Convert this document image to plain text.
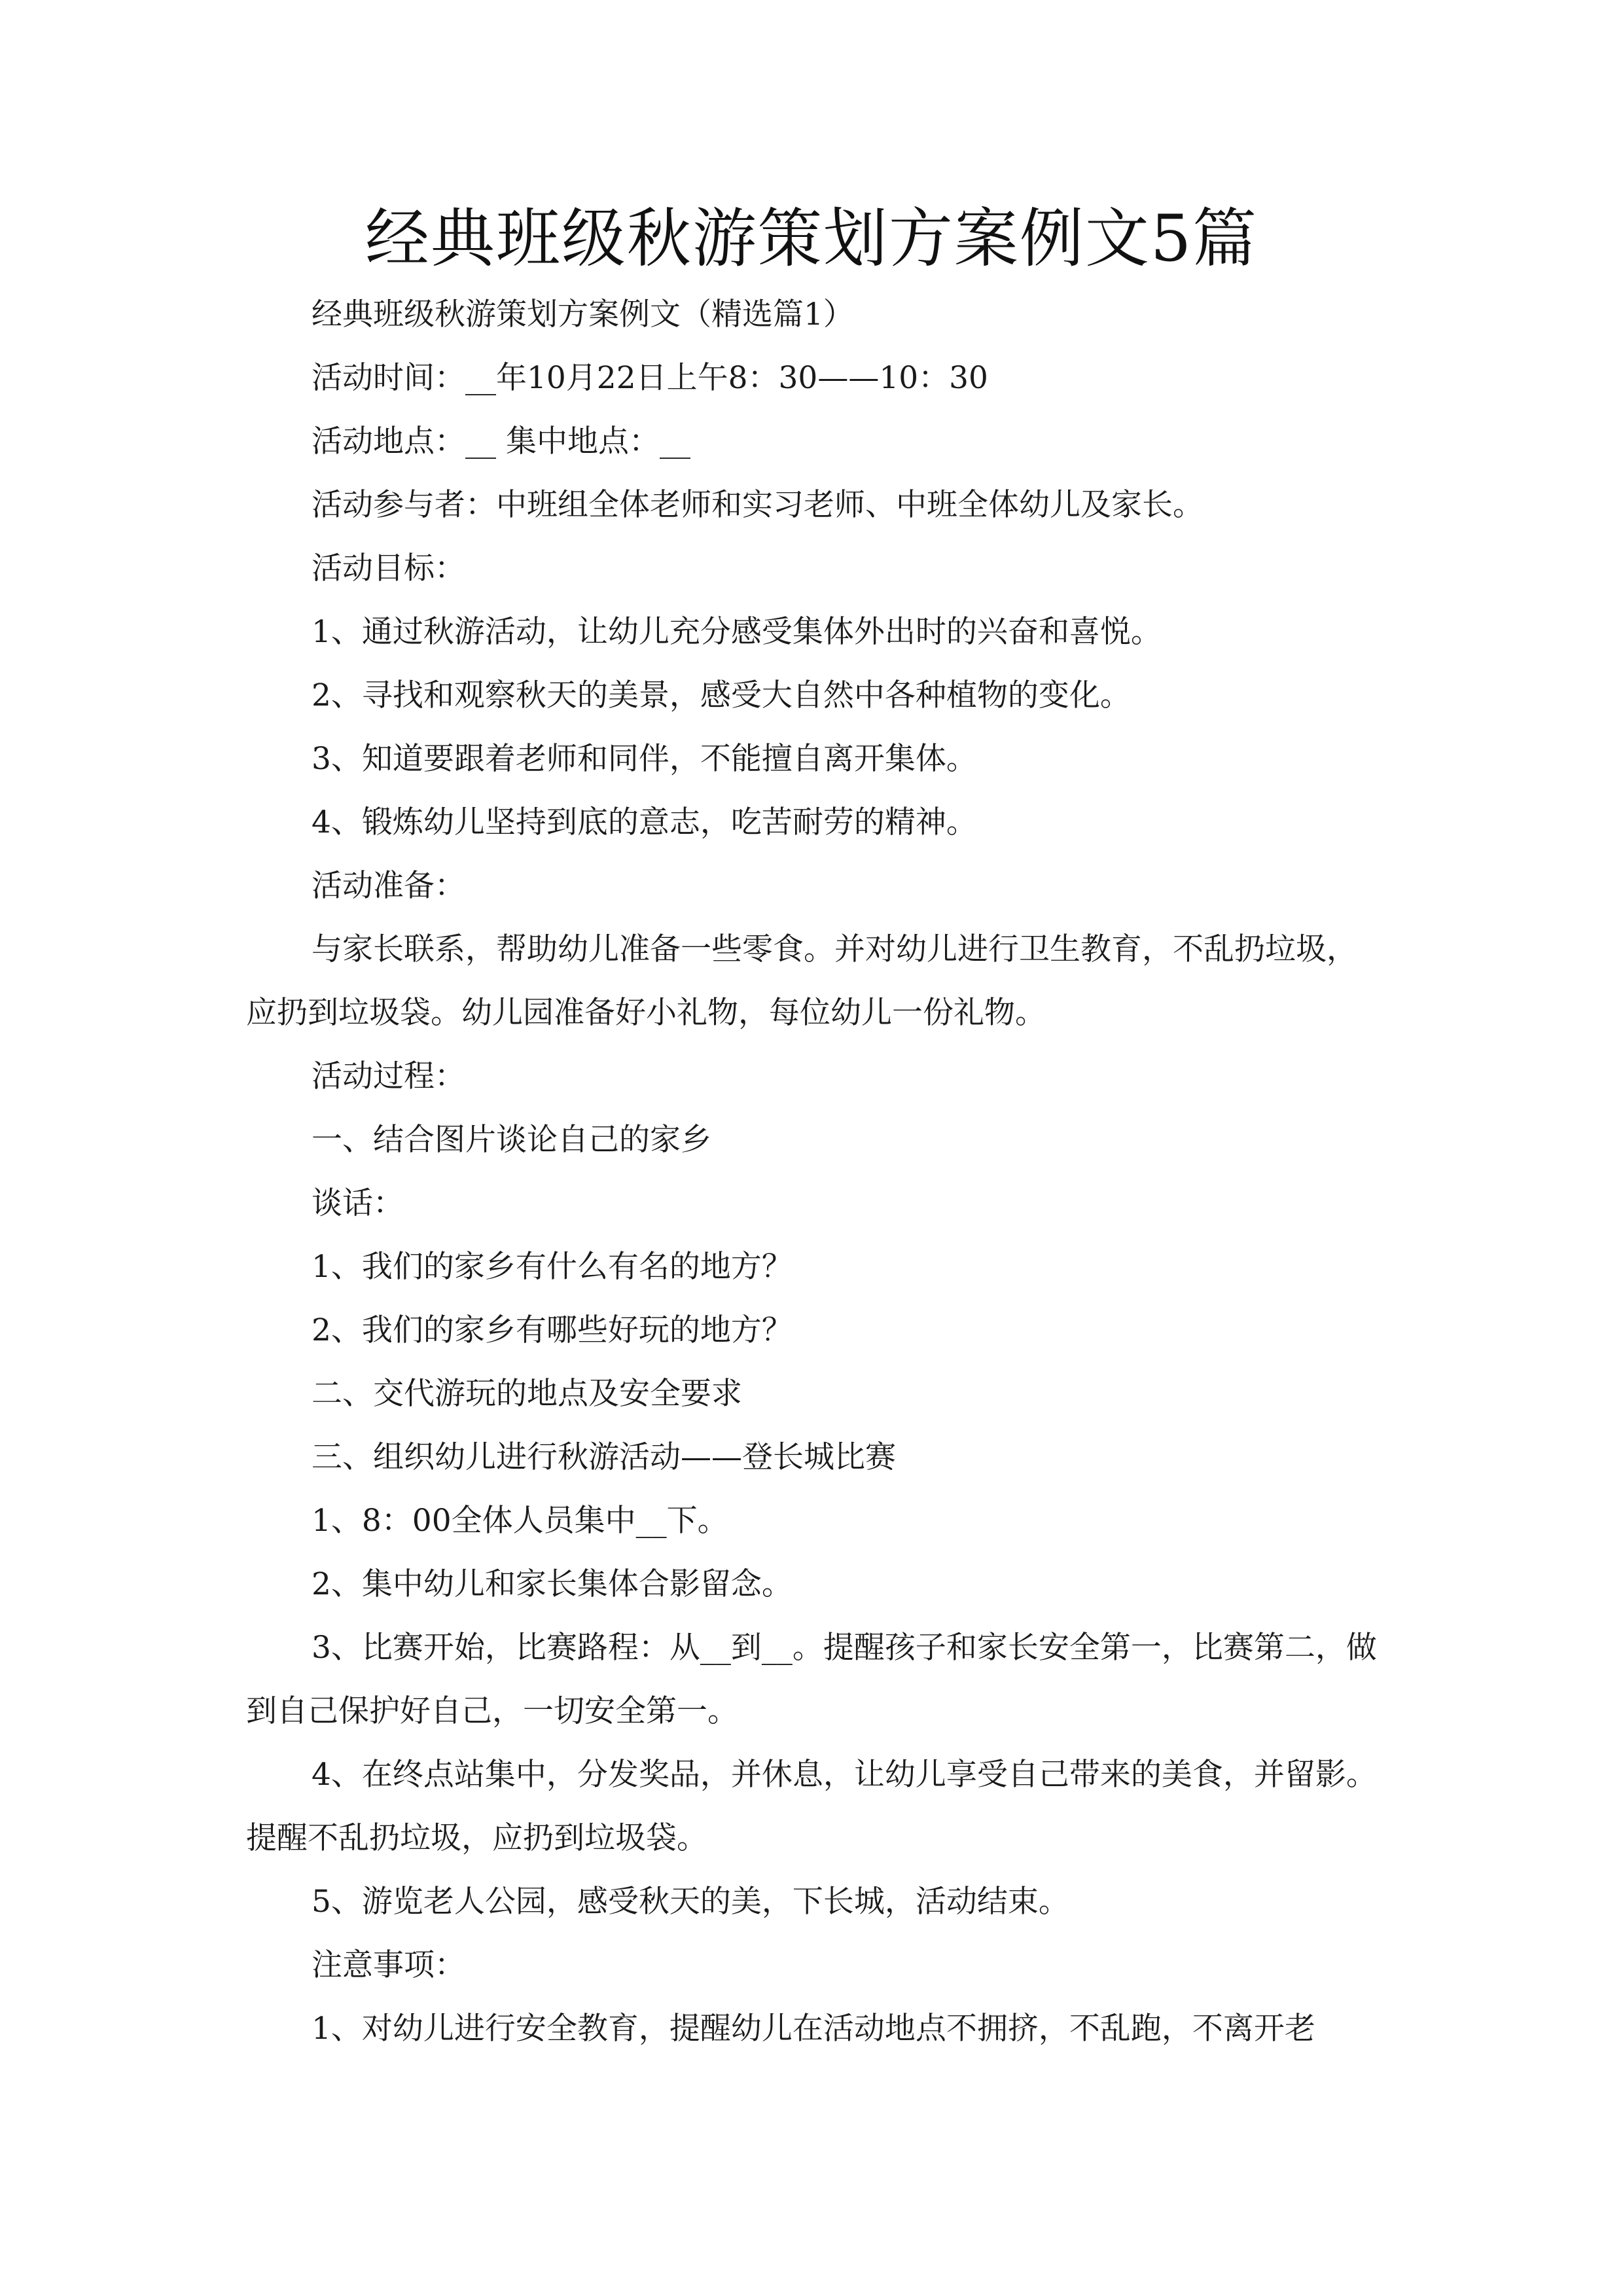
经典班级秋游策划方案例文5篇

经典班级秋游策划方案例文（精选篇1）

活动时间：__年10月22日上午8：30——10：30

活动地点：__ 集中地点：__

活动参与者：中班组全体老师和实习老师、中班全体幼儿及家长。

活动目标：

1、通过秋游活动，让幼儿充分感受集体外出时的兴奋和喜悦。

2、寻找和观察秋天的美景，感受大自然中各种植物的变化。

3、知道要跟着老师和同伴，不能擅自离开集体。

4、锻炼幼儿坚持到底的意志，吃苦耐劳的精神。

活动准备：

与家长联系，帮助幼儿准备一些零食。并对幼儿进行卫生教育，不乱扔垃圾，应扔到垃圾袋。幼儿园准备好小礼物，每位幼儿一份礼物。

活动过程：

一、结合图片谈论自己的家乡

谈话：

1、我们的家乡有什么有名的地方？

2、我们的家乡有哪些好玩的地方？

二、交代游玩的地点及安全要求

三、组织幼儿进行秋游活动——登长城比赛

1、8：00全体人员集中__下。

2、集中幼儿和家长集体合影留念。

3、比赛开始，比赛路程：从__到__。提醒孩子和家长安全第一，比赛第二，做到自己保护好自己，一切安全第一。

4、在终点站集中，分发奖品，并休息，让幼儿享受自己带来的美食，并留影。提醒不乱扔垃圾，应扔到垃圾袋。

5、游览老人公园，感受秋天的美，下长城，活动结束。

注意事项：

1、对幼儿进行安全教育，提醒幼儿在活动地点不拥挤，不乱跑，不离开老
